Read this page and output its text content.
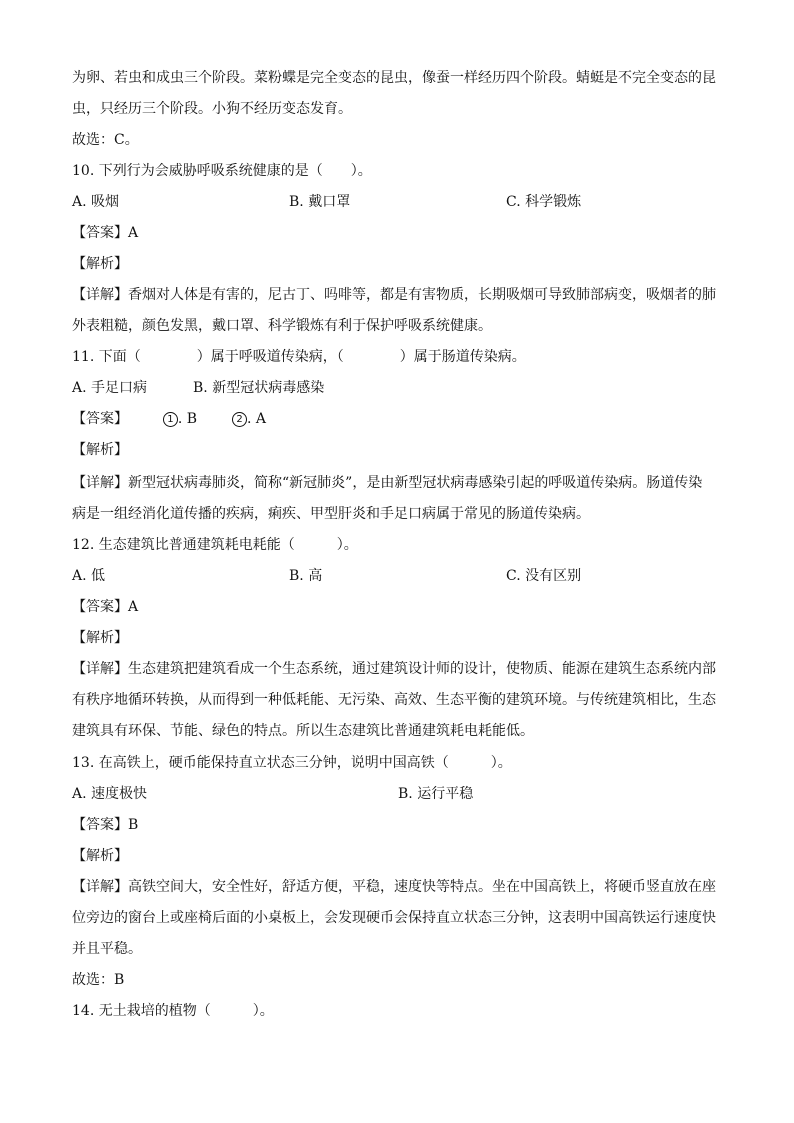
为卵、若虫和成虫三个阶段。菜粉蝶是完全变态的昆虫，像蚕一样经历四个阶段。蜻蜓是不完全变态的昆
虫，只经历三个阶段。小狗不经历变态发育。
故选：C。
10. 下列行为会威胁呼吸系统健康的是（　　）。
A. 吸烟	B. 戴口罩	C. 科学锻炼
【答案】A
【解析】
【详解】香烟对人体是有害的，尼古丁、吗啡等，都是有害物质，长期吸烟可导致肺部病变，吸烟者的肺
外表粗糙，颜色发黑，戴口罩、科学锻炼有利于保护呼吸系统健康。
11. 下面（　　　　）属于呼吸道传染病，（　　　　）属于肠道传染病。
A. 手足口病	B. 新型冠状病毒感染
【答案】	1 . B	2 . A
【解析】
【详解】新型冠状病毒肺炎，简称“新冠肺炎”，是由新型冠状病毒感染引起的呼吸道传染病。肠道传染
病是一组经消化道传播的疾病，痢疾、甲型肝炎和手足口病属于常见的肠道传染病。
12. 生态建筑比普通建筑耗电耗能（　　　）。
A. 低	B. 高	C. 没有区别
【答案】A
【解析】
【详解】生态建筑把建筑看成一个生态系统，通过建筑设计师的设计，使物质、能源在建筑生态系统内部
有秩序地循环转换，从而得到一种低耗能、无污染、高效、生态平衡的建筑环境。与传统建筑相比，生态
建筑具有环保、节能、绿色的特点。所以生态建筑比普通建筑耗电耗能低。
13. 在高铁上，硬币能保持直立状态三分钟，说明中国高铁（　　　）。
A. 速度极快	B. 运行平稳
【答案】B
【解析】
【详解】高铁空间大，安全性好，舒适方便，平稳，速度快等特点。坐在中国高铁上，将硬币竖直放在座
位旁边的窗台上或座椅后面的小桌板上，会发现硬币会保持直立状态三分钟，这表明中国高铁运行速度快
并且平稳。
故选：B
14. 无土栽培的植物（　　　）。
